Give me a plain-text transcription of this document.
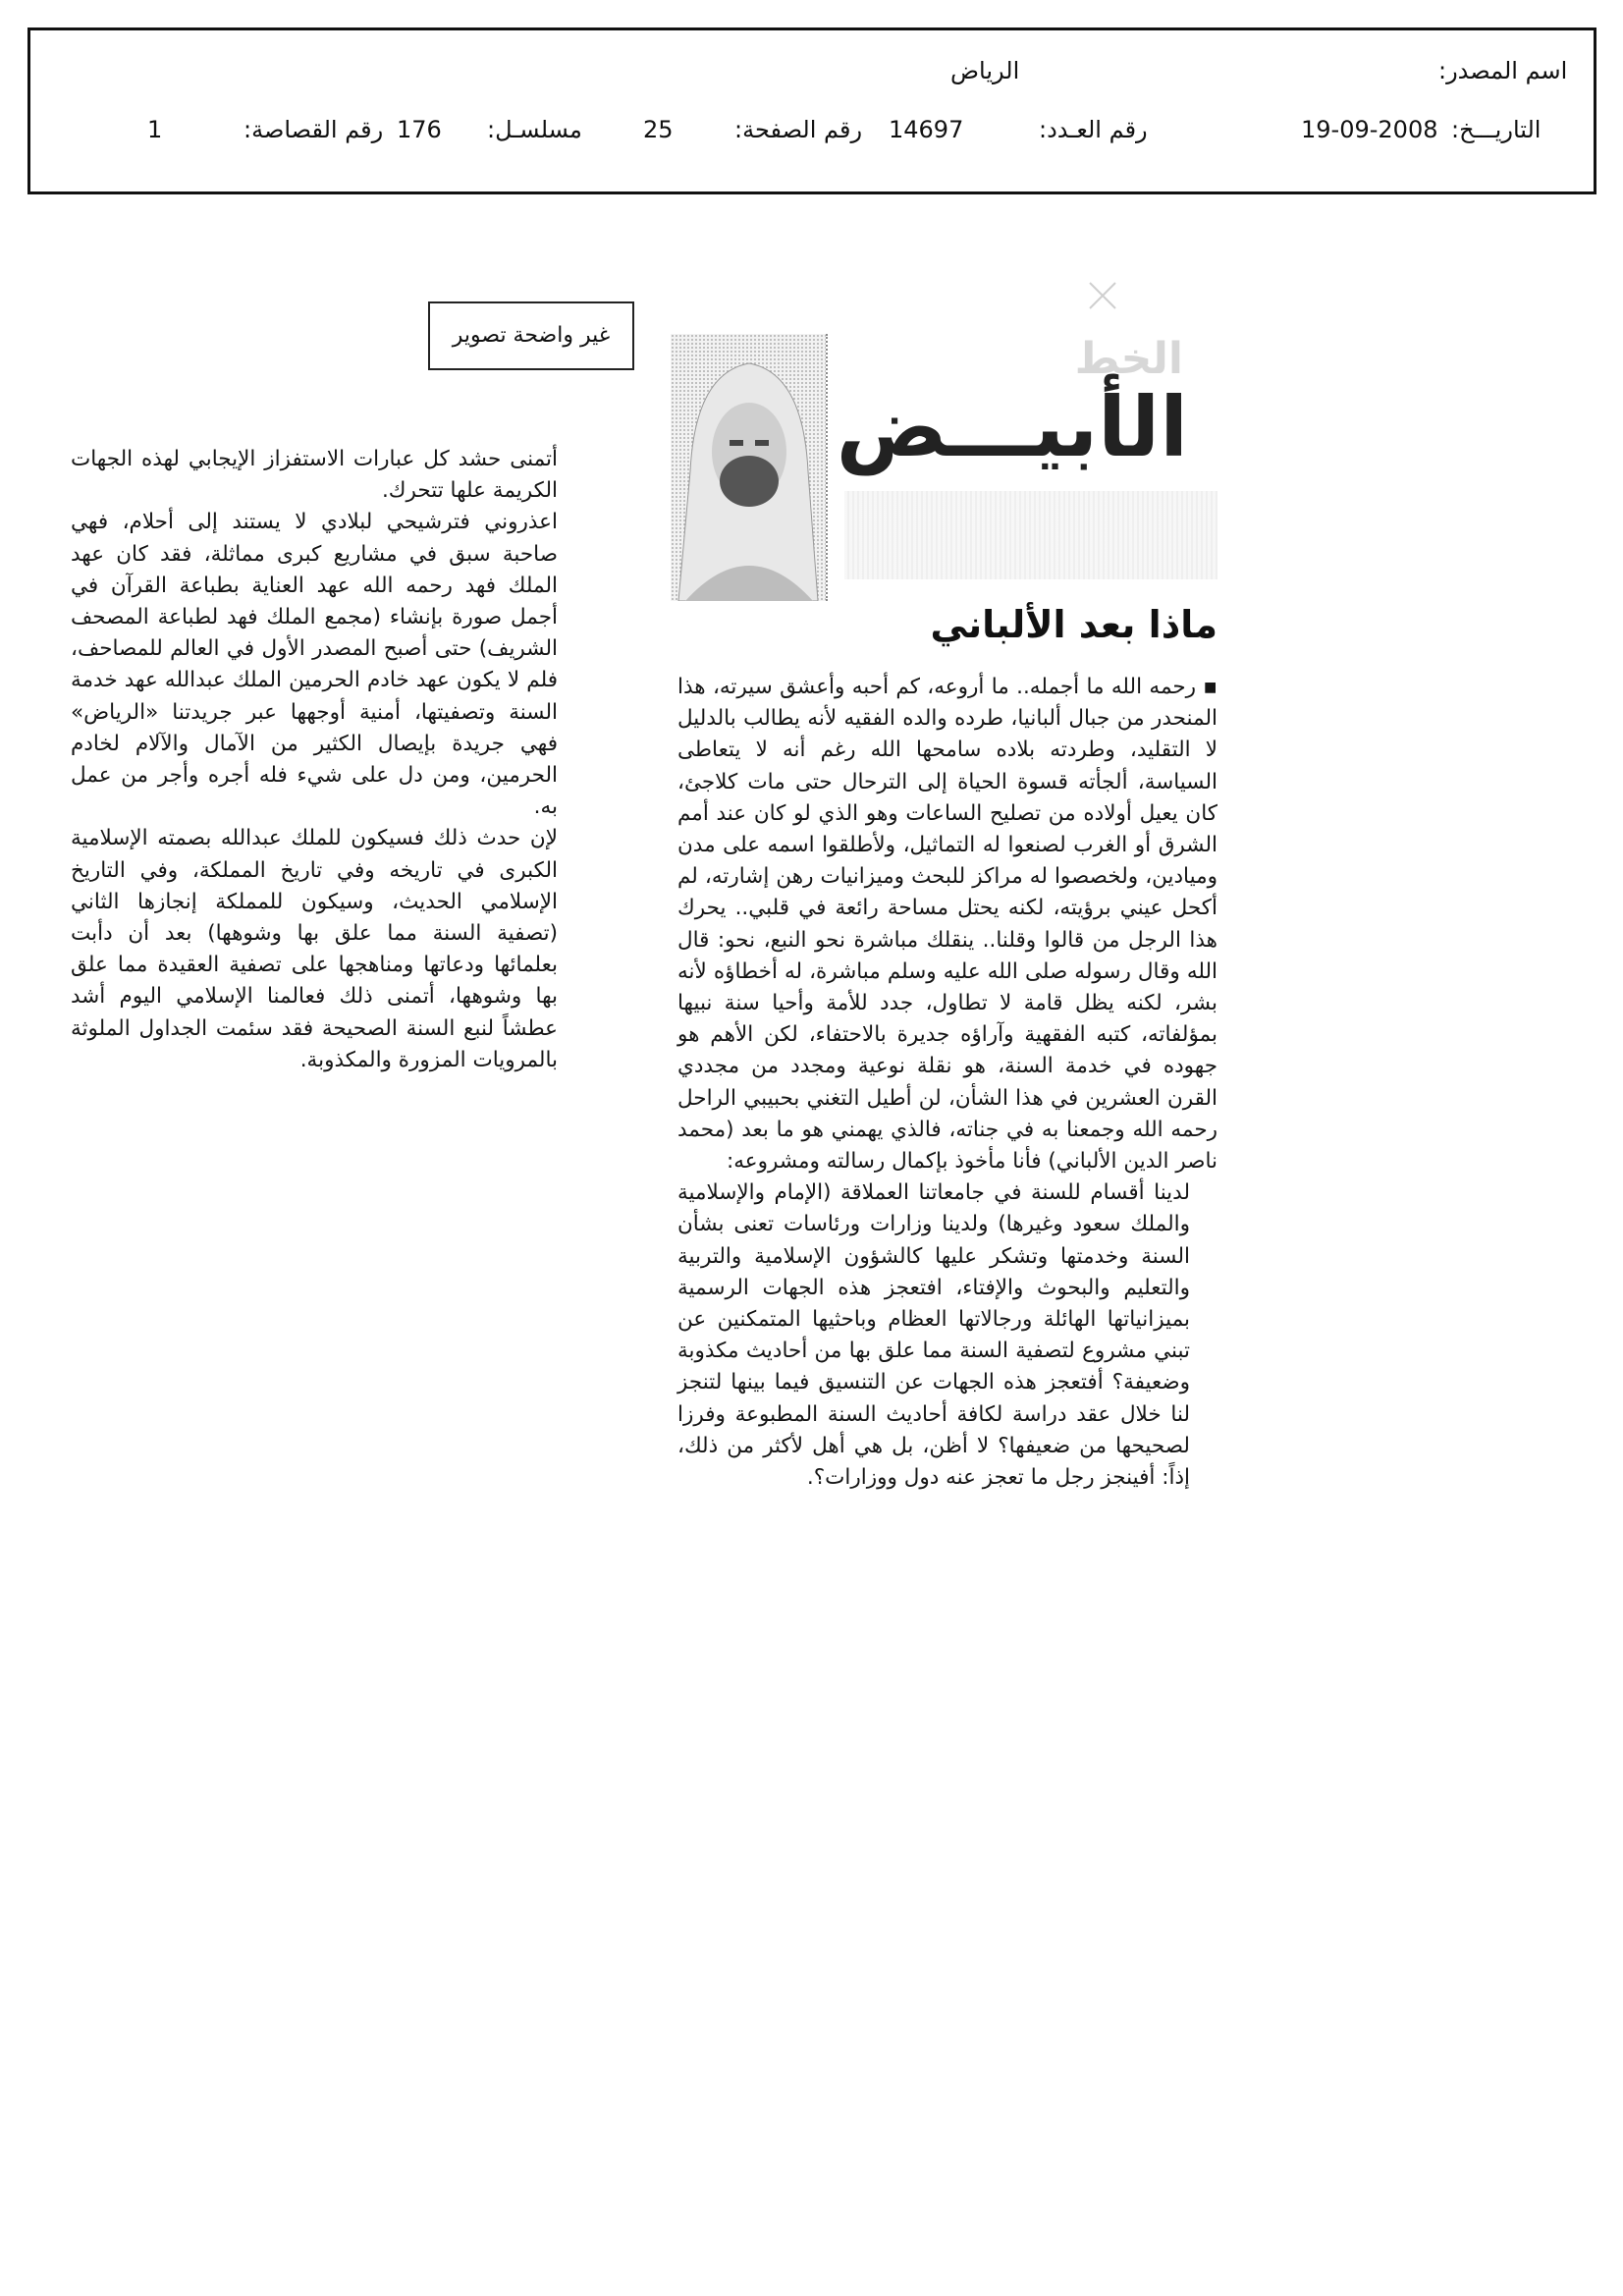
اسم المصدر:
الرياض
التاريـــخ:
19-09-2008
رقم العـدد:
14697
رقم الصفحة:
25
مسلسـل:
176
رقم القصاصة:
1
غير واضحة تصوير	الخط
الأبيـــض
ماذا بعد الألباني

▪ رحمه الله ما أجمله.. ما أروعه، كم أحبه وأعشق سيرته، هذا المنحدر من جبال ألبانيا، طرده والده الفقيه لأنه يطالب بالدليل لا التقليد، وطردته بلاده سامحها الله رغم أنه لا يتعاطى السياسة، ألجأته قسوة الحياة إلى الترحال حتى مات كلاجئ، كان يعيل أولاده من تصليح الساعات وهو الذي لو كان عند أمم الشرق أو الغرب لصنعوا له التماثيل، ولأطلقوا اسمه على مدن وميادين، ولخصصوا له مراكز للبحث وميزانيات رهن إشارته، لم أكحل عيني برؤيته، لكنه يحتل مساحة رائعة في قلبي.. يحرك هذا الرجل من قالوا وقلنا.. ينقلك مباشرة نحو النبع، نحو: قال الله وقال رسوله صلى الله عليه وسلم مباشرة، له أخطاؤه لأنه بشر، لكنه يظل قامة لا تطاول، جدد للأمة وأحيا سنة نبيها بمؤلفاته، كتبه الفقهية وآراؤه جديرة بالاحتفاء، لكن الأهم هو جهوده في خدمة السنة، هو نقلة نوعية ومجدد من مجددي القرن العشرين في هذا الشأن، لن أطيل التغني بحبيبي الراحل رحمه الله وجمعنا به في جناته، فالذي يهمني هو ما بعد (محمد ناصر الدين الألباني) فأنا مأخوذ بإكمال رسالته ومشروعه:

لدينا أقسام للسنة في جامعاتنا العملاقة (الإمام والإسلامية والملك سعود وغيرها) ولدينا وزارات ورئاسات تعنى بشأن السنة وخدمتها وتشكر عليها كالشؤون الإسلامية والتربية والتعليم والبحوث والإفتاء، افتعجز هذه الجهات الرسمية بميزانياتها الهائلة ورجالاتها العظام وباحثيها المتمكنين عن تبني مشروع لتصفية السنة مما علق بها من أحاديث مكذوبة وضعيفة؟ أفتعجز هذه الجهات عن التنسيق فيما بينها لتنجز لنا خلال عقد دراسة لكافة أحاديث السنة المطبوعة وفرزا لصحيحها من ضعيفها؟ لا أظن، بل هي أهل لأكثر من ذلك، إذاً: أفينجز رجل ما تعجز عنه دول ووزارات؟.

أتمنى حشد كل عبارات الاستفزاز الإيجابي لهذه الجهات الكريمة علها تتحرك.

اعذروني فترشيحي لبلادي لا يستند إلى أحلام، فهي صاحبة سبق في مشاريع كبرى مماثلة، فقد كان عهد الملك فهد رحمه الله عهد العناية بطباعة القرآن في أجمل صورة بإنشاء (مجمع الملك فهد لطباعة المصحف الشريف) حتى أصبح المصدر الأول في العالم للمصاحف، فلم لا يكون عهد خادم الحرمين الملك عبدالله عهد خدمة السنة وتصفيتها، أمنية أوجهها عبر جريدتنا «الرياض» فهي جريدة بإيصال الكثير من الآمال والآلام لخادم الحرمين، ومن دل على شيء فله أجره وأجر من عمل به.

لإن حدث ذلك فسيكون للملك عبدالله بصمته الإسلامية الكبرى في تاريخه وفي تاريخ المملكة، وفي التاريخ الإسلامي الحديث، وسيكون للمملكة إنجازها الثاني (تصفية السنة مما علق بها وشوهها) بعد أن دأبت بعلمائها ودعاتها ومناهجها على تصفية العقيدة مما علق بها وشوهها، أتمنى ذلك فعالمنا الإسلامي اليوم أشد عطشاً لنبع السنة الصحيحة فقد سئمت الجداول الملوثة بالمرويات المزورة والمكذوبة.
